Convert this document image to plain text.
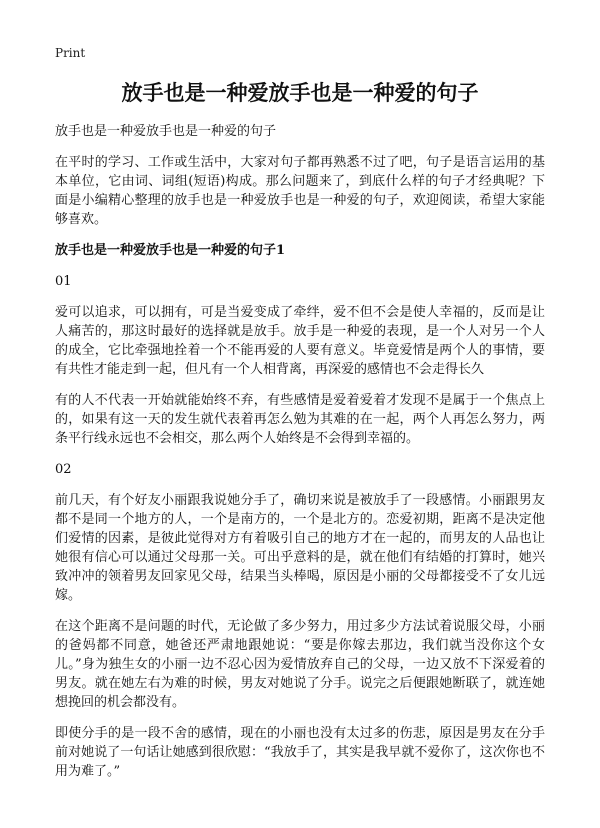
Print
放手也是一种爱放手也是一种爱的句子

放手也是一种爱放手也是一种爱的句子

在平时的学习、工作或生活中，大家对句子都再熟悉不过了吧，句子是语言运用的基本单位，它由词、词组(短语)构成。那么问题来了，到底什么样的句子才经典呢？下面是小编精心整理的放手也是一种爱放手也是一种爱的句子，欢迎阅读，希望大家能够喜欢。

放手也是一种爱放手也是一种爱的句子1

01

爱可以追求，可以拥有，可是当爱变成了牵绊，爱不但不会是使人幸福的，反而是让人痛苦的，那这时最好的选择就是放手。放手是一种爱的表现，是一个人对另一个人的成全，它比牵强地拴着一个不能再爱的人要有意义。毕竟爱情是两个人的事情，要有共性才能走到一起，但凡有一个人相背离，再深爱的感情也不会走得长久

有的人不代表一开始就能始终不弃，有些感情是爱着爱着才发现不是属于一个焦点上的，如果有这一天的发生就代表着再怎么勉为其难的在一起，两个人再怎么努力，两条平行线永远也不会相交，那么两个人始终是不会得到幸福的。

02

前几天，有个好友小丽跟我说她分手了，确切来说是被放手了一段感情。小丽跟男友都不是同一个地方的人，一个是南方的，一个是北方的。恋爱初期，距离不是决定他们爱情的因素，是彼此觉得对方有着吸引自己的地方才在一起的，而男友的人品也让她很有信心可以通过父母那一关。可出乎意料的是，就在他们有结婚的打算时，她兴致冲冲的领着男友回家见父母，结果当头棒喝，原因是小丽的父母都接受不了女儿远嫁。

在这个距离不是问题的时代，无论做了多少努力，用过多少方法试着说服父母，小丽的爸妈都不同意，她爸还严肃地跟她说：“要是你嫁去那边，我们就当没你这个女儿。”身为独生女的小丽一边不忍心因为爱情放弃自己的父母，一边又放不下深爱着的男友。就在她左右为难的时候，男友对她说了分手。说完之后便跟她断联了，就连她想挽回的机会都没有。

即使分手的是一段不舍的感情，现在的小丽也没有太过多的伤悲，原因是男友在分手前对她说了一句话让她感到很欣慰：“我放手了，其实是我早就不爱你了，这次你也不用为难了。”
